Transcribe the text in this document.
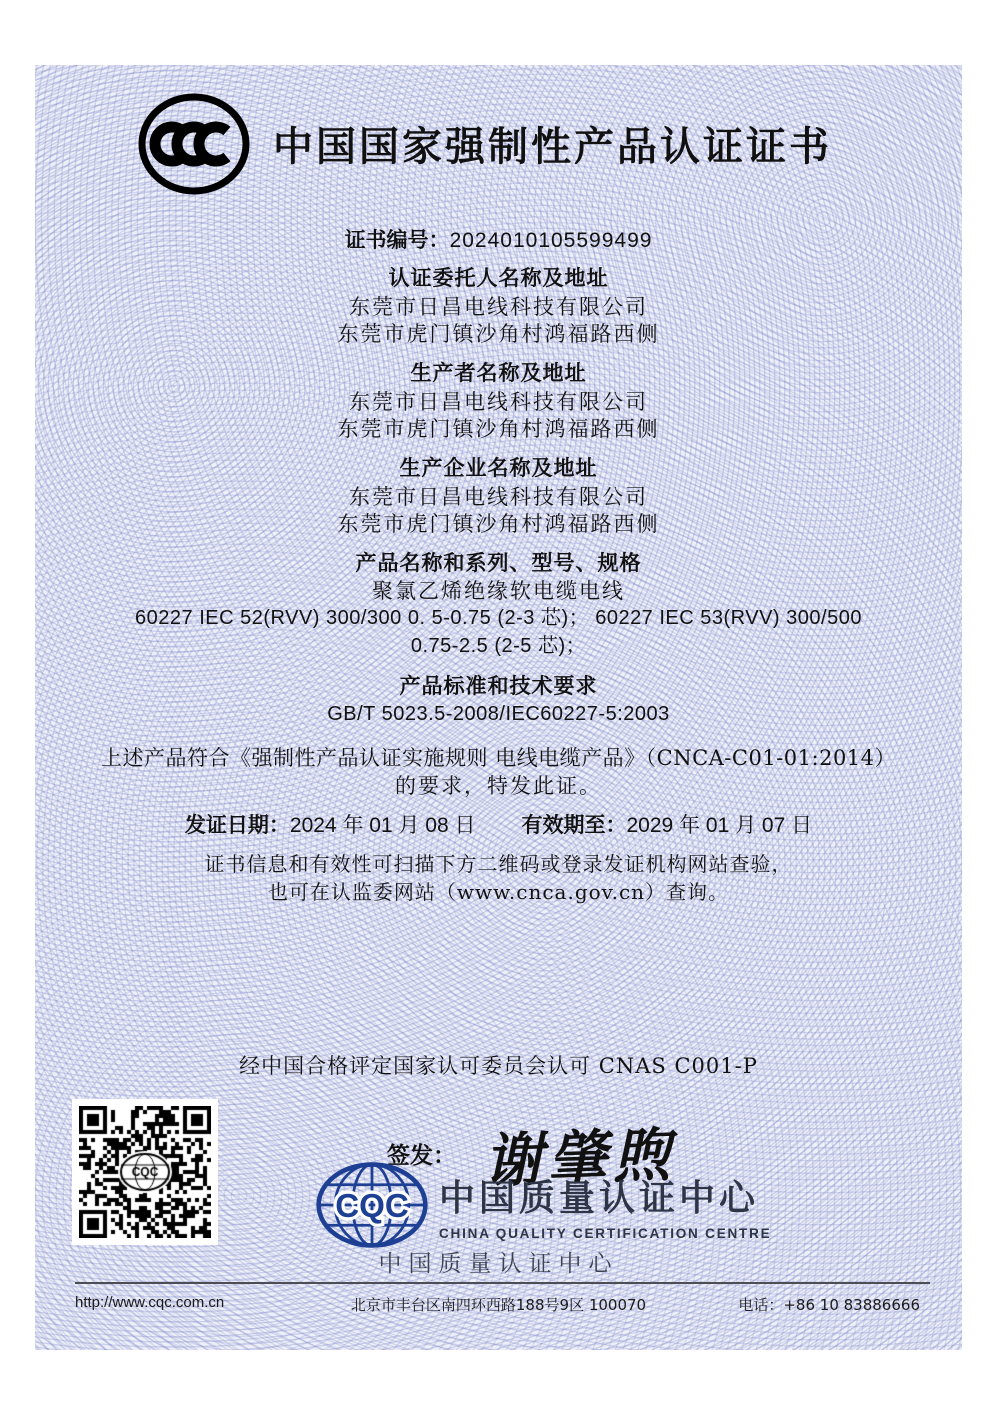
中国国家强制性产品认证证书
证书编号：2024010105599499
认证委托人名称及地址
东莞市日昌电线科技有限公司
东莞市虎门镇沙角村鸿福路西侧
生产者名称及地址
东莞市日昌电线科技有限公司
东莞市虎门镇沙角村鸿福路西侧
生产企业名称及地址
东莞市日昌电线科技有限公司
东莞市虎门镇沙角村鸿福路西侧
产品名称和系列、型号、规格
聚氯乙烯绝缘软电缆电线
60227 IEC 52(RVV) 300/300 0. 5-0.75 (2-3 芯)； 60227 IEC 53(RVV) 300/500
0.75-2.5 (2-5 芯)；
产品标准和技术要求
GB/T 5023.5-2008/IEC60227-5:2003
上述产品符合《强制性产品认证实施规则 电线电缆产品》（CNCA-C01-01:2014）
的要求，特发此证。
发证日期：2024 年 01 月 08 日 有效期至：2029 年 01 月 07 日
证书信息和有效性可扫描下方二维码或登录发证机构网站查验，
也可在认监委网站（www.cnca.gov.cn）查询。
经中国合格评定国家认可委员会认可 CNAS C001-P
签发： 谢肇煦
CQC 中国质量认证中心
CHINA QUALITY CERTIFICATION CENTRE
中国质量认证中心
http://www.cqc.com.cn	北京市丰台区南四环西路188号9区 100070	电话：+86 10 83886666
